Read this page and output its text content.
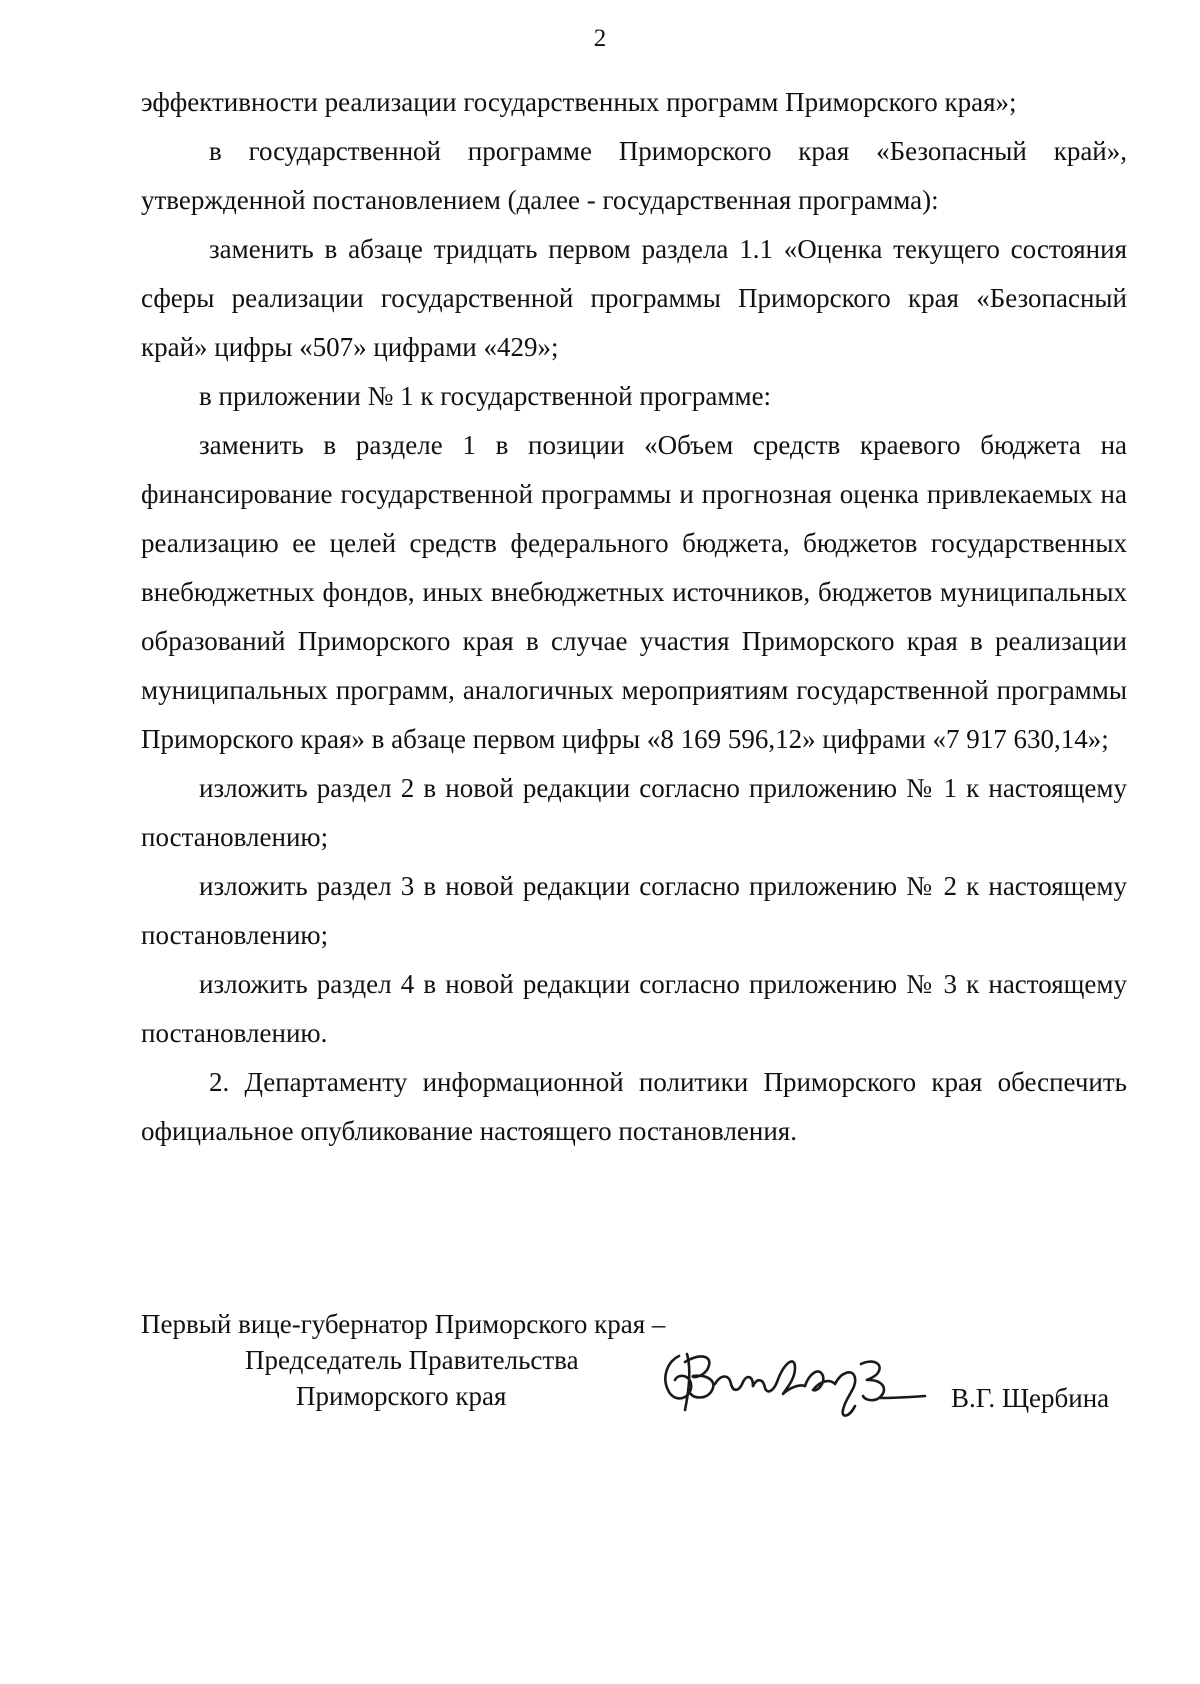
2

эффективности реализации государственных программ Приморского края»;

в государственной программе Приморского края «Безопасный край», утвержденной постановлением (далее - государственная программа):

заменить в абзаце тридцать первом раздела 1.1 «Оценка текущего состояния сферы реализации государственной программы Приморского края «Безопасный край» цифры «507» цифрами «429»;

в приложении № 1 к государственной программе:

заменить в разделе 1 в позиции «Объем средств краевого бюджета на финансирование государственной программы и прогнозная оценка привлекаемых на реализацию ее целей средств федерального бюджета, бюджетов государственных внебюджетных фондов, иных внебюджетных источников, бюджетов муниципальных образований Приморского края в случае участия Приморского края в реализации муниципальных программ, аналогичных мероприятиям государственной программы Приморского края» в абзаце первом цифры «8 169 596,12» цифрами «7 917 630,14»;

изложить раздел 2 в новой редакции согласно приложению № 1 к настоящему постановлению;

изложить раздел 3 в новой редакции согласно приложению № 2 к настоящему постановлению;

изложить раздел 4 в новой редакции согласно приложению № 3 к настоящему постановлению.

2. Департаменту информационной политики Приморского края обеспечить официальное опубликование настоящего постановления.

Первый вице-губернатор Приморского края –
Председатель Правительства
Приморского края	В.Г. Щербина
